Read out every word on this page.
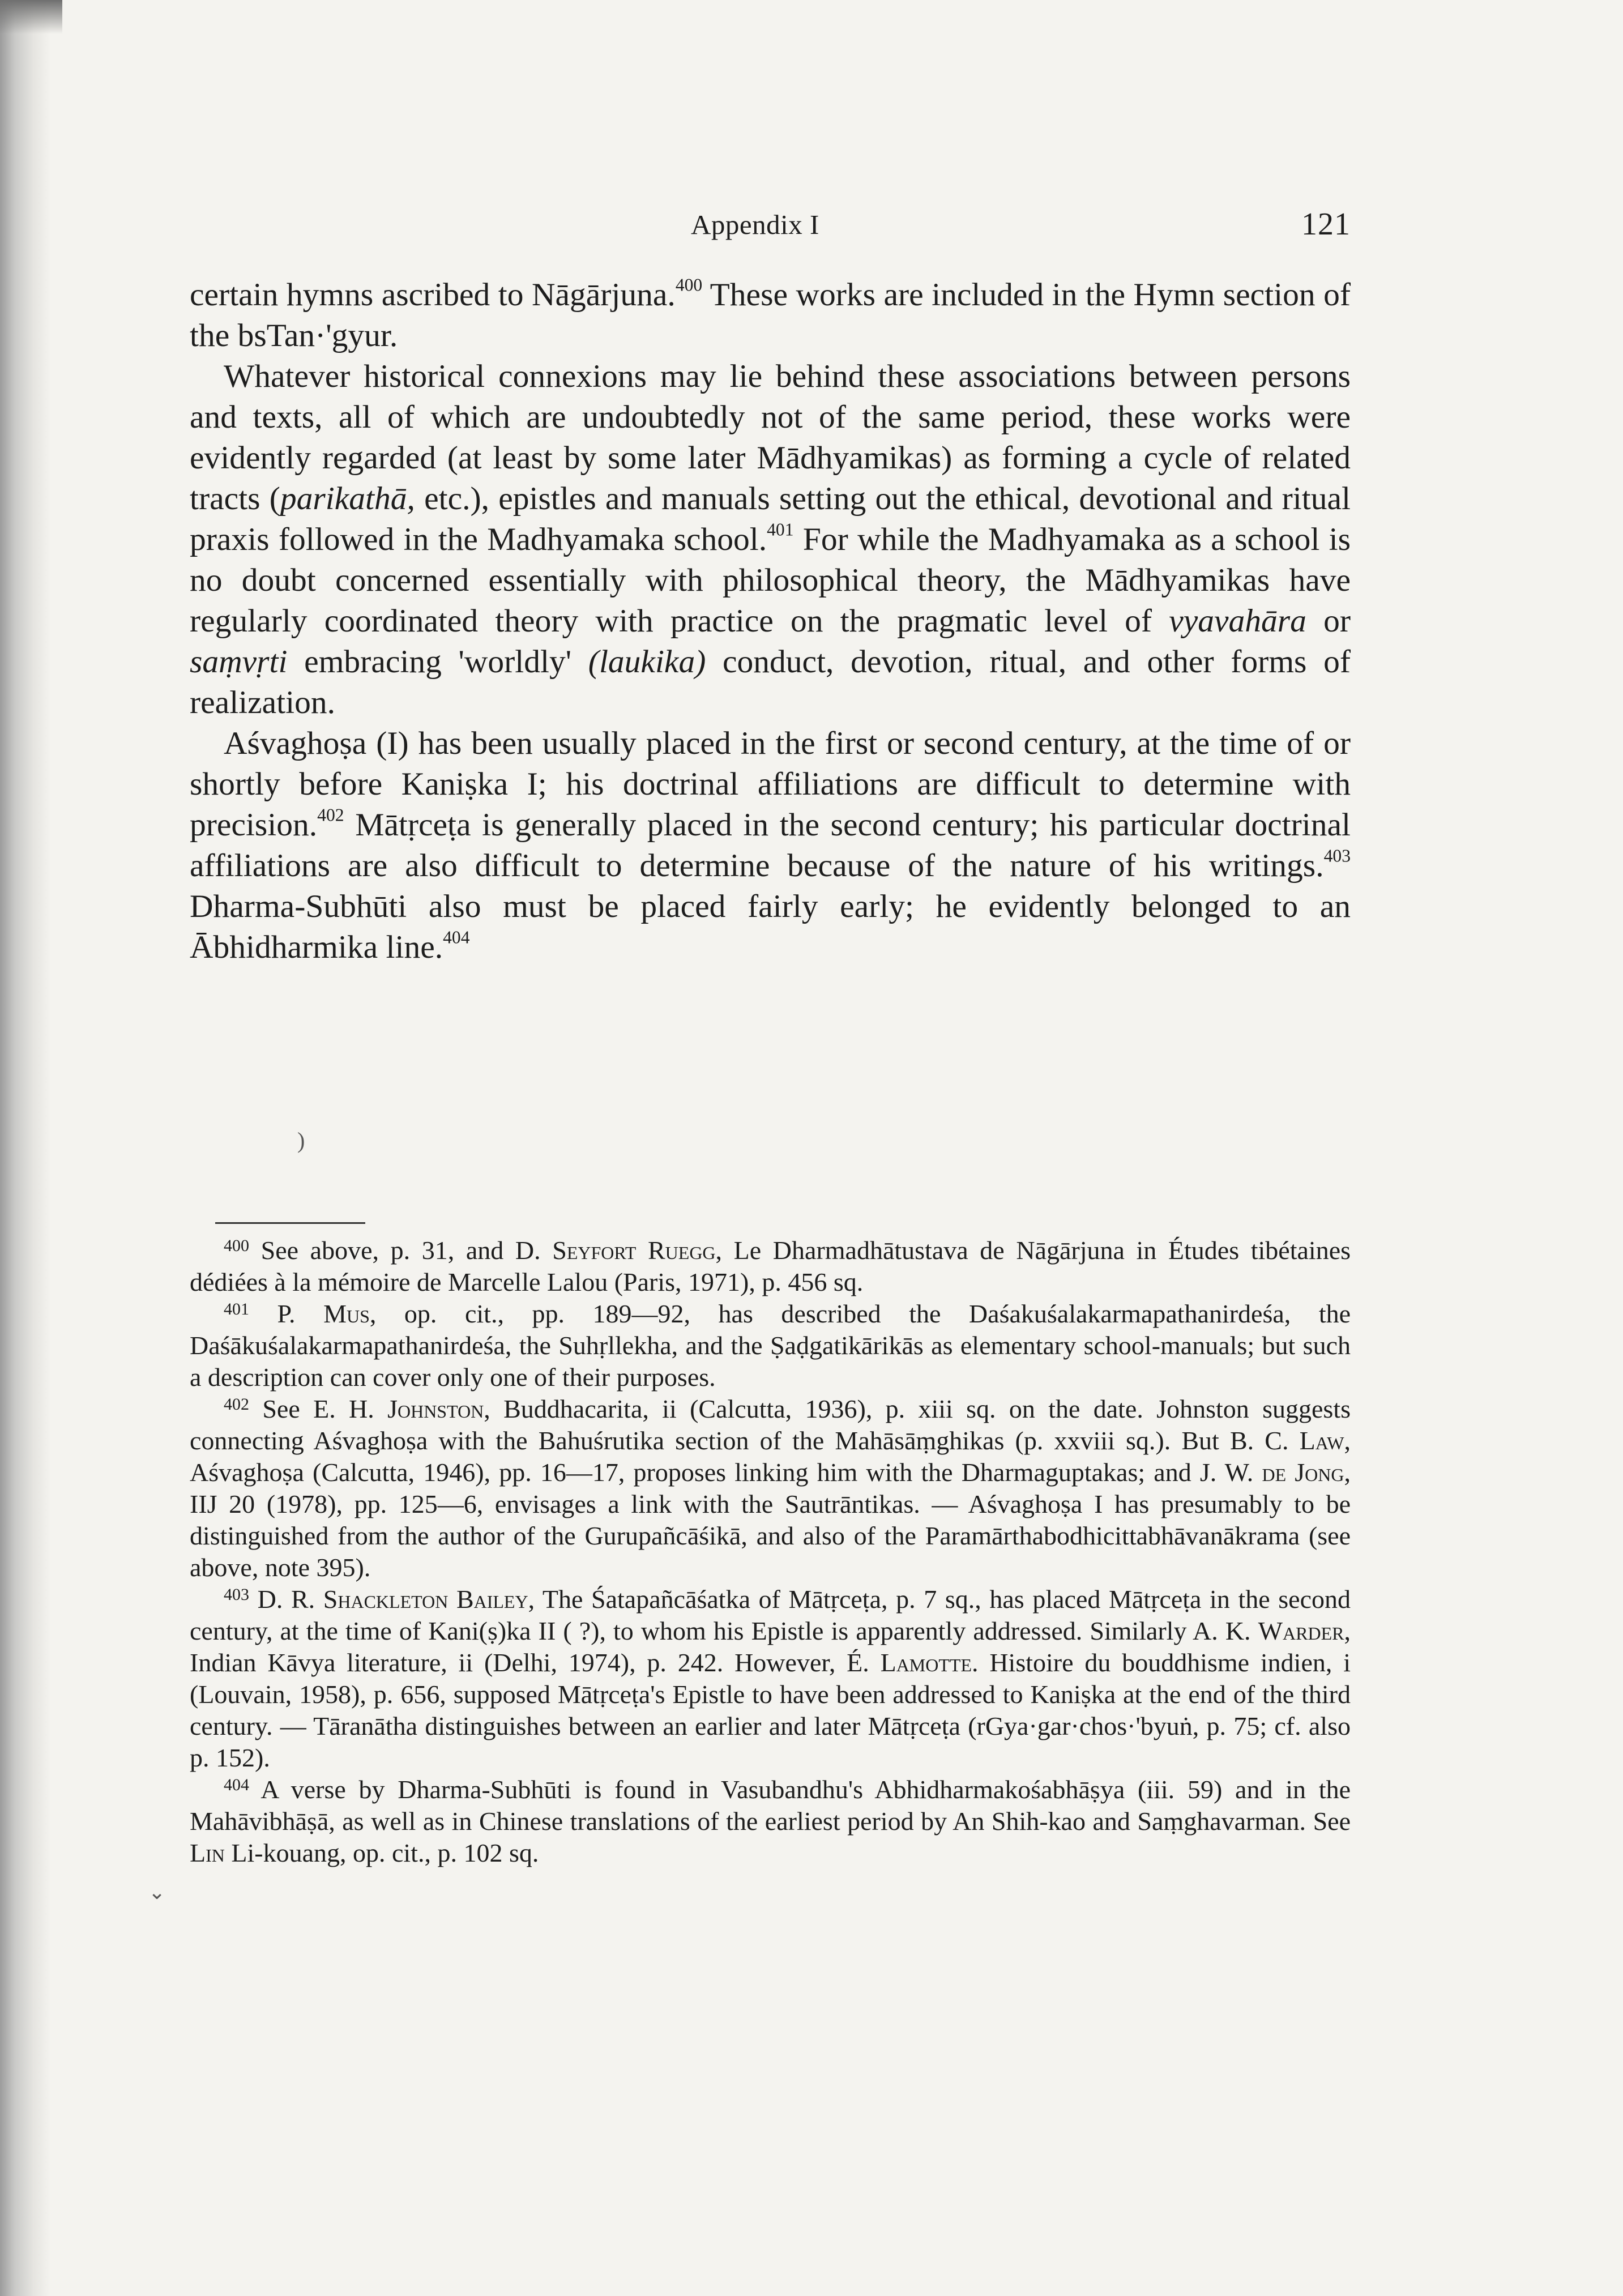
Appendix I	121

certain hymns ascribed to Nāgārjuna.$^{400}$ These works are included in the Hymn section of the bsTan·'gyur.

Whatever historical connexions may lie behind these associations between persons and texts, all of which are undoubtedly not of the same period, these works were evidently regarded (at least by some later Mādhyamikas) as forming a cycle of related tracts (parikathā, etc.), epistles and manuals setting out the ethical, devotional and ritual praxis followed in the Madhyamaka school.$^{401}$ For while the Madhyamaka as a school is no doubt concerned essentially with philosophical theory, the Mādhyamikas have regularly coordinated theory with practice on the pragmatic level of vyavahāra or saṃvṛti embracing 'worldly' (laukika) conduct, devotion, ritual, and other forms of realization.

Aśvaghoṣa (I) has been usually placed in the first or second century, at the time of or shortly before Kaniṣka I; his doctrinal affiliations are difficult to determine with precision.$^{402}$ Mātṛceṭa is generally placed in the second century; his particular doctrinal affiliations are also difficult to determine because of the nature of his writings.$^{403}$ Dharma-Subhūti also must be placed fairly early; he evidently belonged to an Ābhidharmika line.$^{404}$

)

$^{400}$ See above, p. 31, and D. Seyfort Ruegg, Le Dharmadhātustava de Nāgārjuna in Études tibétaines dédiées à la mémoire de Marcelle Lalou (Paris, 1971), p. 456 sq.

$^{401}$ P. Mus, op. cit., pp. 189—92, has described the Daśakuśalakarmapathanirdeśa, the Daśākuśalakarmapathanirdeśa, the Suhṛllekha, and the Ṣaḍgatikārikās as elementary school-manuals; but such a description can cover only one of their purposes.

$^{402}$ See E. H. Johnston, Buddhacarita, ii (Calcutta, 1936), p. xiii sq. on the date. Johnston suggests connecting Aśvaghoṣa with the Bahuśrutika section of the Mahāsāṃghikas (p. xxviii sq.). But B. C. Law, Aśvaghoṣa (Calcutta, 1946), pp. 16—17, proposes linking him with the Dharmaguptakas; and J. W. de Jong, IIJ 20 (1978), pp. 125—6, envisages a link with the Sautrāntikas. — Aśvaghoṣa I has presumably to be distinguished from the author of the Gurupañcāśikā, and also of the Paramārthabodhicittabhāvanākrama (see above, note 395).

$^{403}$ D. R. Shackleton Bailey, The Śatapañcāśatka of Mātṛceṭa, p. 7 sq., has placed Mātṛceṭa in the second century, at the time of Kani(ṣ)ka II ( ?), to whom his Epistle is apparently addressed. Similarly A. K. Warder, Indian Kāvya literature, ii (Delhi, 1974), p. 242. However, É. Lamotte. Histoire du bouddhisme indien, i (Louvain, 1958), p. 656, supposed Mātṛceṭa's Epistle to have been addressed to Kaniṣka at the end of the third century. — Tāranātha distinguishes between an earlier and later Mātṛceṭa (rGya·gar·chos·'byuṅ, p. 75; cf. also p. 152).

$^{404}$ A verse by Dharma-Subhūti is found in Vasubandhu's Abhidharmakośabhāṣya (iii. 59) and in the Mahāvibhāṣā, as well as in Chinese translations of the earliest period by An Shih-kao and Saṃghavarman. See Lin Li-kouang, op. cit., p. 102 sq.

⌄
